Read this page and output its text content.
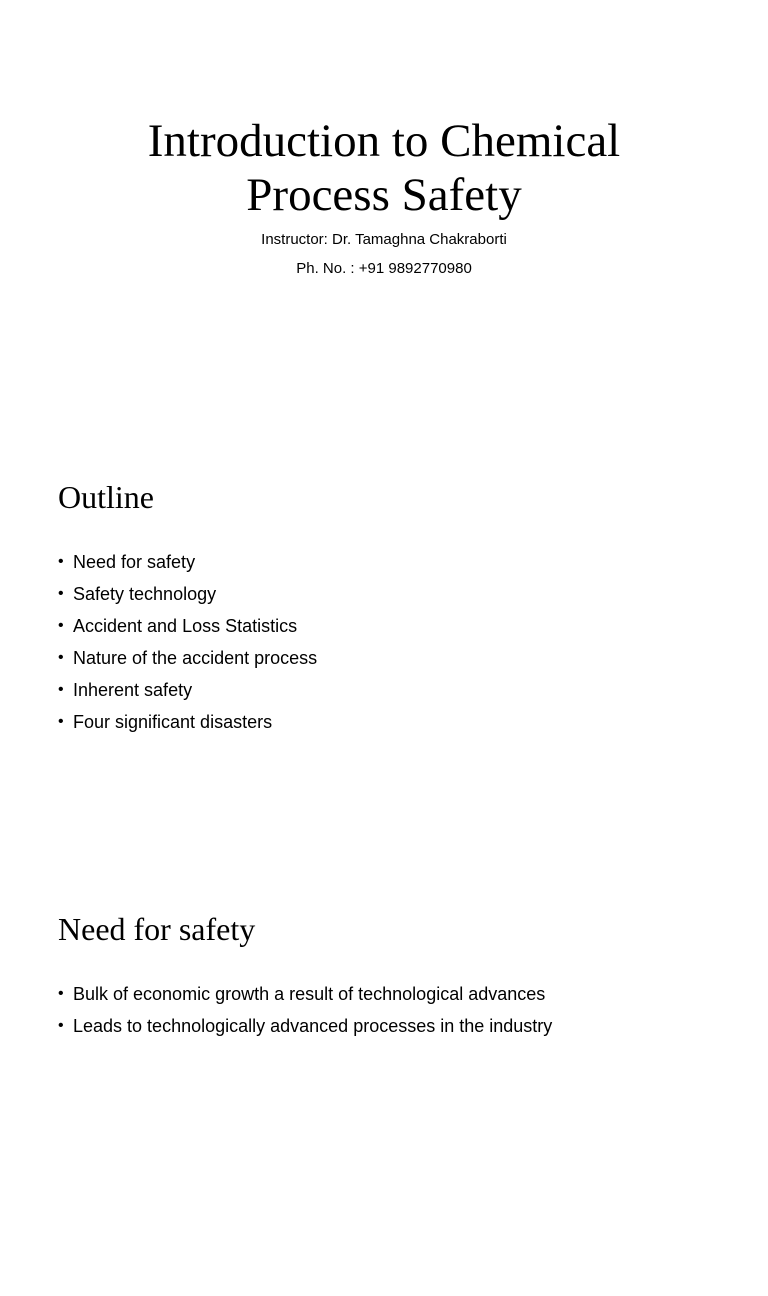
Introduction to Chemical
Process Safety

Instructor: Dr. Tamaghna Chakraborti

Ph. No. : +91 9892770980

Outline
• Need for safety
• Safety technology
• Accident and Loss Statistics
• Nature of the accident process
• Inherent safety
• Four significant disasters
Need for safety
• Bulk of economic growth a result of technological advances
• Leads to technologically advanced processes in the industry
